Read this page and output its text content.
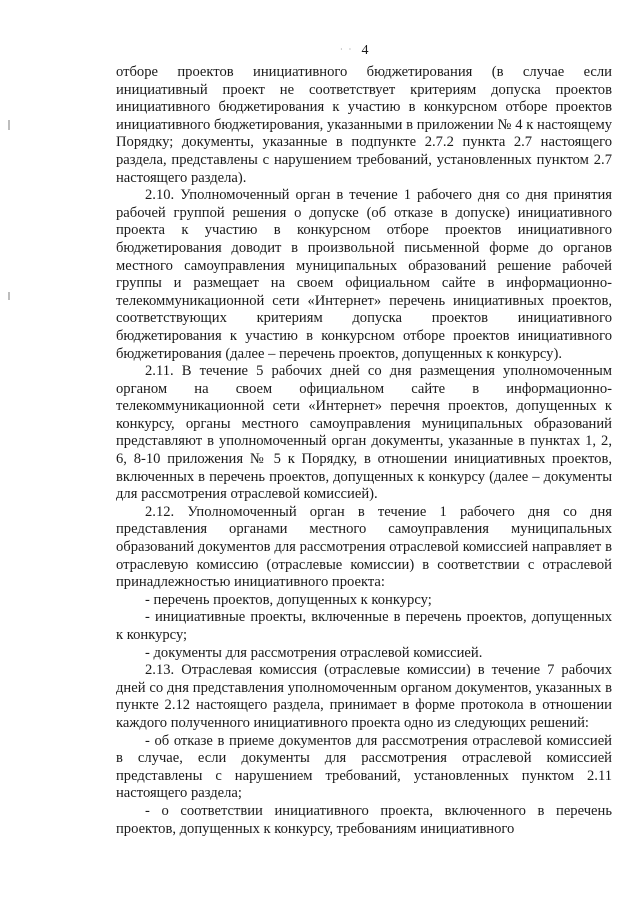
· · 4

отборе проектов инициативного бюджетирования (в случае если инициативный проект не соответствует критериям допуска проектов инициативного бюджетирования к участию в конкурсном отборе проектов инициативного бюджетирования, указанными в приложении № 4 к настоящему Порядку; документы, указанные в подпункте 2.7.2 пункта 2.7 настоящего раздела, представлены с нарушением требований, установленных пунктом 2.7 настоящего раздела).

2.10. Уполномоченный орган в течение 1 рабочего дня со дня принятия рабочей группой решения о допуске (об отказе в допуске) инициативного проекта к участию в конкурсном отборе проектов инициативного бюджетирования доводит в произвольной письменной форме до органов местного самоуправления муниципальных образований решение рабочей группы и размещает на своем официальном сайте в информационно-телекоммуникационной сети «Интернет» перечень инициативных проектов, соответствующих критериям допуска проектов инициативного бюджетирования к участию в конкурсном отборе проектов инициативного бюджетирования (далее – перечень проектов, допущенных к конкурсу).

2.11. В течение 5 рабочих дней со дня размещения уполномоченным органом на своем официальном сайте в информационно-телекоммуникационной сети «Интернет» перечня проектов, допущенных к конкурсу, органы местного самоуправления муниципальных образований представляют в уполномоченный орган документы, указанные в пунктах 1, 2, 6, 8-10 приложения № 5 к Порядку, в отношении инициативных проектов, включенных в перечень проектов, допущенных к конкурсу (далее – документы для рассмотрения отраслевой комиссией).

2.12. Уполномоченный орган в течение 1 рабочего дня со дня представления органами местного самоуправления муниципальных образований документов для рассмотрения отраслевой комиссией направляет в отраслевую комиссию (отраслевые комиссии) в соответствии с отраслевой принадлежностью инициативного проекта:

- перечень проектов, допущенных к конкурсу;

- инициативные проекты, включенные в перечень проектов, допущенных к конкурсу;

- документы для рассмотрения отраслевой комиссией.

2.13. Отраслевая комиссия (отраслевые комиссии) в течение 7 рабочих дней со дня представления уполномоченным органом документов, указанных в пункте 2.12 настоящего раздела, принимает в форме протокола в отношении каждого полученного инициативного проекта одно из следующих решений:

- об отказе в приеме документов для рассмотрения отраслевой комиссией в случае, если документы для рассмотрения отраслевой комиссией представлены с нарушением требований, установленных пунктом 2.11 настоящего раздела;

- о соответствии инициативного проекта, включенного в перечень проектов, допущенных к конкурсу, требованиям инициативного
